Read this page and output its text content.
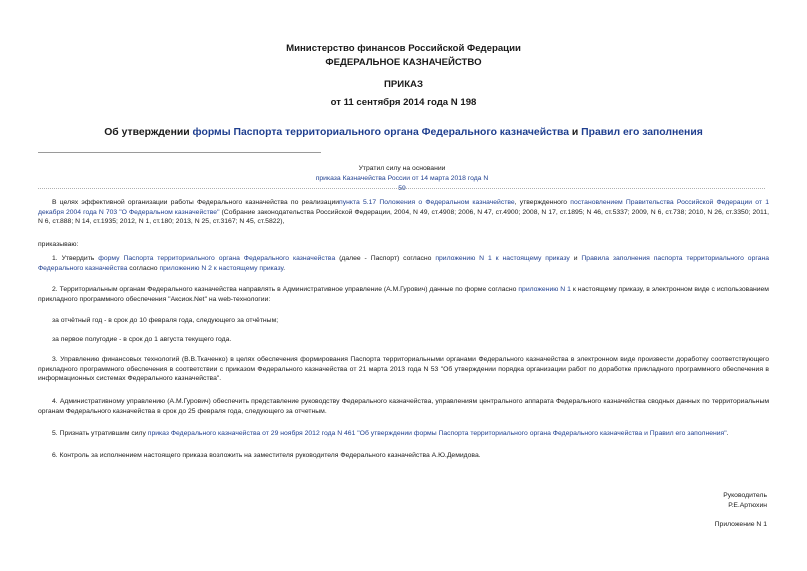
Министерство финансов Российской Федерации
ФЕДЕРАЛЬНОЕ КАЗНАЧЕЙСТВО
ПРИКАЗ
от 11 сентября 2014 года N 198
Об утверждении формы Паспорта территориального органа Федерального казначейства и Правил его заполнения
Утратил силу на основании
приказа Казначейства России от 14 марта 2018 года N 59
В целях эффективной организации работы Федерального казначейства по реализациипункта 5.17 Положения о Федеральном казначействе, утвержденного постановлением Правительства Российской Федерации от 1 декабря 2004 года N 703 "О Федеральном казначействе" (Собрание законодательства Российской Федерации, 2004, N 49, ст.4908; 2006, N 47, ст.4900; 2008, N 17, ст.1895; N 46, ст.5337; 2009, N 6, ст.738; 2010, N 26, ст.3350; 2011, N 6, ст.888; N 14, ст.1935; 2012, N 1, ст.180; 2013, N 25, ст.3167; N 45, ст.5822),
приказываю:
1. Утвердить форму Паспорта территориального органа Федерального казначейства (далее - Паспорт) согласно приложению N 1 к настоящему приказу и Правила заполнения паспорта территориального органа Федерального казначейства согласно приложению N 2 к настоящему приказу.
2. Территориальным органам Федерального казначейства направлять в Административное управление (А.М.Гурович) данные по форме согласно приложению N 1 к настоящему приказу, в электронном виде с использованием прикладного программного обеспечения "Аксиок.Net" на web-технологии:
за отчётный год - в срок до 10 февраля года, следующего за отчётным;
за первое полугодие - в срок до 1 августа текущего года.
3. Управлению финансовых технологий (В.В.Ткаченко) в целях обеспечения формирования Паспорта территориальными органами Федерального казначейства в электронном виде произвести доработку соответствующего прикладного программного обеспечения в соответствии с приказом Федерального казначейства от 21 марта 2013 года N 53 "Об утверждении порядка организации работ по доработке прикладного программного обеспечения в информационных системах Федерального казначейства".
4. Административному управлению (А.М.Гурович) обеспечить представление руководству Федерального казначейства, управлениям центрального аппарата Федерального казначейства сводных данных по территориальным органам Федерального казначейства в срок до 25 февраля года, следующего за отчетным.
5. Признать утратившим силу приказ Федерального казначейства от 29 ноября 2012 года N 461 "Об утверждении формы Паспорта территориального органа Федерального казначейства и Правил его заполнения".
6. Контроль за исполнением настоящего приказа возложить на заместителя руководителя Федерального казначейства А.Ю.Демидова.
Руководитель
Р.Е.Артюхин
Приложение N 1
